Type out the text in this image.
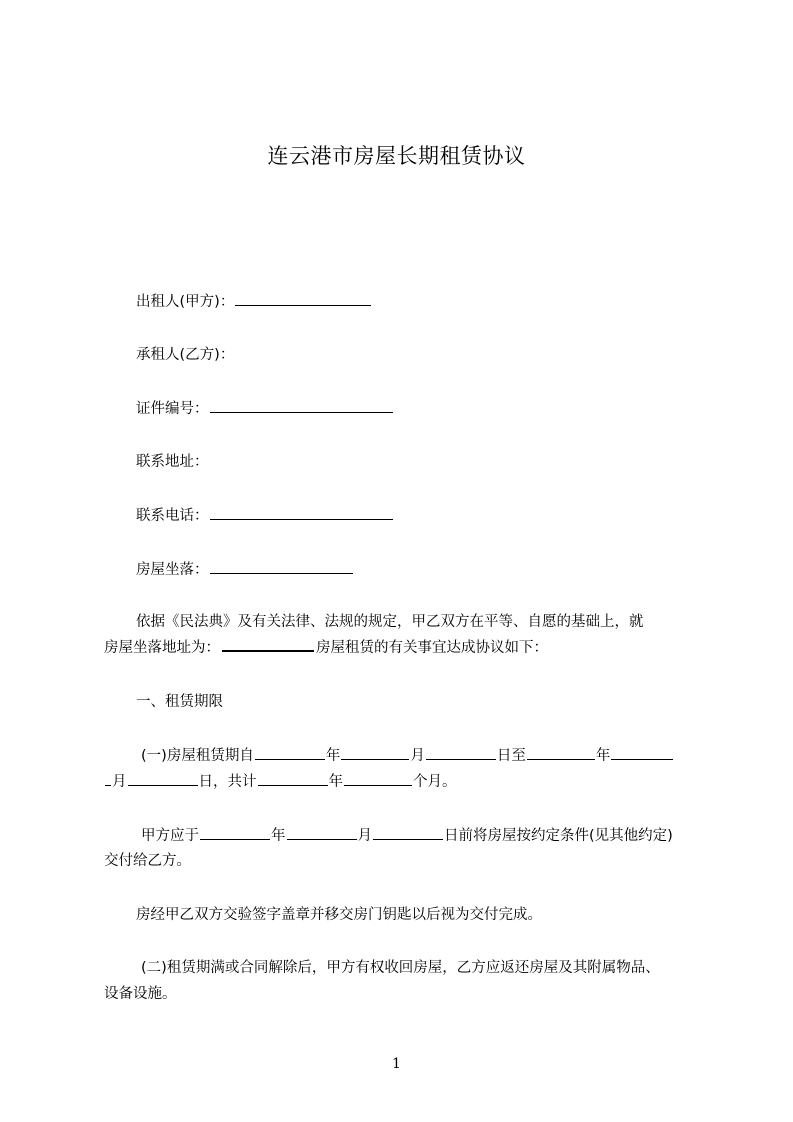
连云港市房屋长期租赁协议
出租人(甲方)：
承租人(乙方)：
证件编号：
联系地址：
联系电话：
房屋坐落：
依据《民法典》及有关法律、法规的规定，甲乙双方在平等、自愿的基础上，就
房屋坐落地址为：	房屋租赁的有关事宜达成协议如下：
一、租赁期限
(一)房屋租赁期自	年	月	日至	年
月	日，共计	年	个月。
甲方应于	年	月	日前将房屋按约定条件(见其他约定)
交付给乙方。
房经甲乙双方交验签字盖章并移交房门钥匙以后视为交付完成。
(二)租赁期满或合同解除后，甲方有权收回房屋，乙方应返还房屋及其附属物品、
设备设施。
1
